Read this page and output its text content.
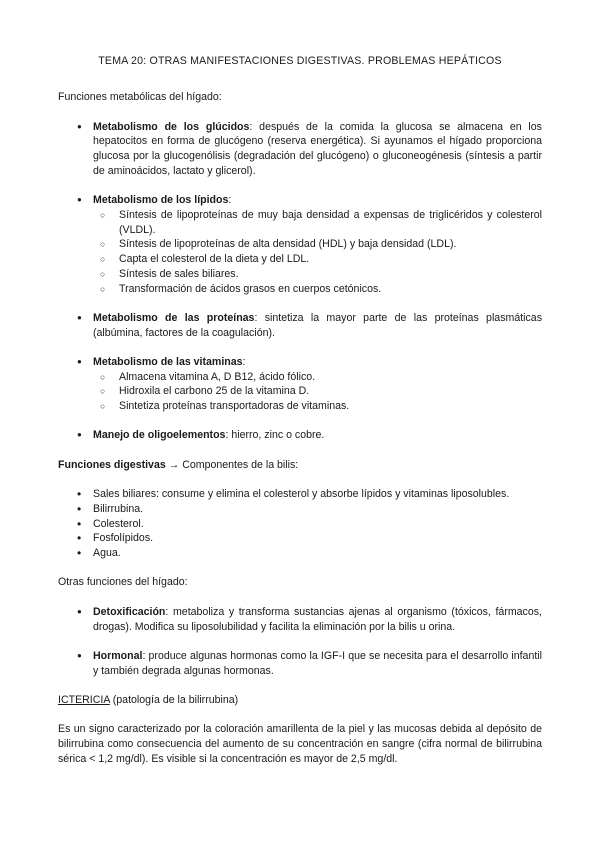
TEMA 20: OTRAS MANIFESTACIONES DIGESTIVAS. PROBLEMAS HEPÁTICOS

Funciones metabólicas del hígado:

● Metabolismo de los glúcidos: después de la comida la glucosa se almacena en los hepatocitos en forma de glucógeno (reserva energética). Si ayunamos el hígado proporciona glucosa por la glucogenólisis (degradación del glucógeno) o gluconeogénesis (síntesis a partir de aminoácidos, lactato y glicerol).
● Metabolismo de los lípidos:
○ Síntesis de lipoproteínas de muy baja densidad a expensas de triglicéridos y colesterol (VLDL).
○ Síntesis de lipoproteínas de alta densidad (HDL) y baja densidad (LDL).
○ Capta el colesterol de la dieta y del LDL.
○ Síntesis de sales biliares.
○ Transformación de ácidos grasos en cuerpos cetónicos.
● Metabolismo de las proteínas: sintetiza la mayor parte de las proteínas plasmáticas (albúmina, factores de la coagulación).
● Metabolismo de las vitaminas:
○ Almacena vitamina A, D B12, ácido fólico.
○ Hidroxila el carbono 25 de la vitamina D.
○ Sintetiza proteínas transportadoras de vitaminas.
● Manejo de oligoelementos: hierro, zinc o cobre.

Funciones digestivas → Componentes de la bilis:

• Sales biliares: consume y elimina el colesterol y absorbe lípidos y vitaminas liposolubles.
• Bilirrubina.
• Colesterol.
• Fosfolípidos.
• Agua.

Otras funciones del hígado:

● Detoxificación: metaboliza y transforma sustancias ajenas al organismo (tóxicos, fármacos, drogas). Modifica su liposolubilidad y facilita la eliminación por la bilis u orina.
● Hormonal: produce algunas hormonas como la IGF-I que se necesita para el desarrollo infantil y también degrada algunas hormonas.

ICTERICIA (patología de la bilirrubina)

Es un signo caracterizado por la coloración amarillenta de la piel y las mucosas debida al depósito de bilirrubina como consecuencia del aumento de su concentración en sangre (cifra normal de bilirrubina sérica < 1,2 mg/dl). Es visible si la concentración es mayor de 2,5 mg/dl.
